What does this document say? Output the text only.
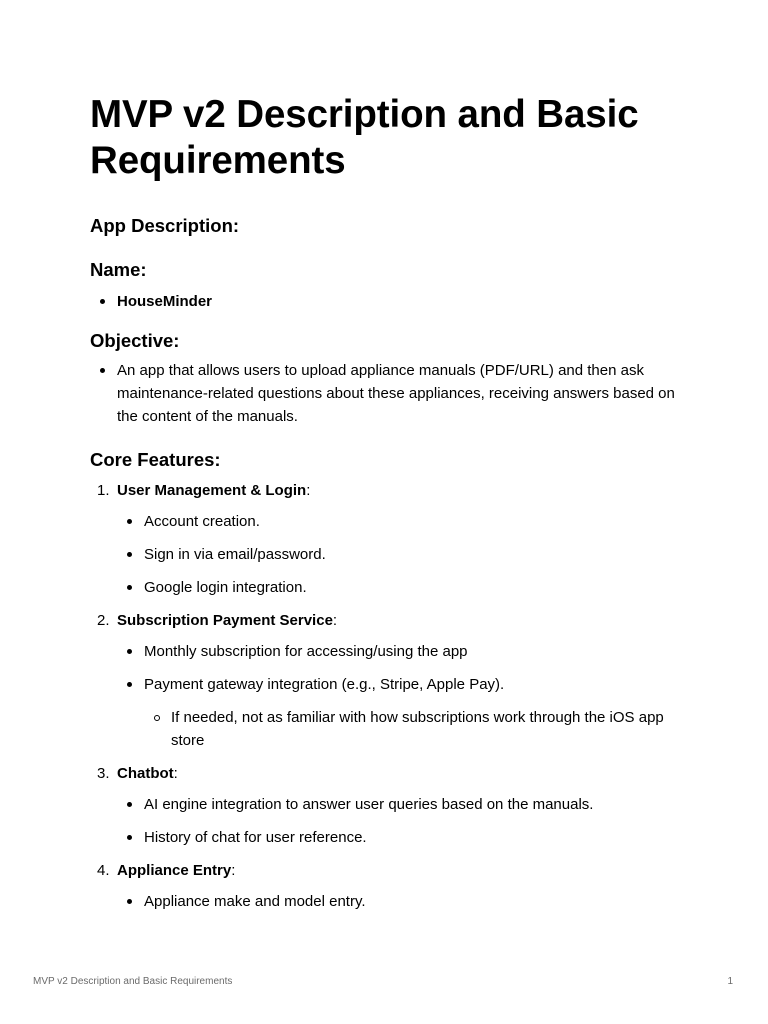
MVP v2 Description and Basic Requirements
App Description:
Name:
HouseMinder
Objective:
An app that allows users to upload appliance manuals (PDF/URL) and then ask maintenance-related questions about these appliances, receiving answers based on the content of the manuals.
Core Features:
1. User Management & Login:
Account creation.
Sign in via email/password.
Google login integration.
2. Subscription Payment Service:
Monthly subscription for accessing/using the app
Payment gateway integration (e.g., Stripe, Apple Pay).
If needed, not as familiar with how subscriptions work through the iOS app store
3. Chatbot:
AI engine integration to answer user queries based on the manuals.
History of chat for user reference.
4. Appliance Entry:
Appliance make and model entry.
MVP v2 Description and Basic Requirements	1
